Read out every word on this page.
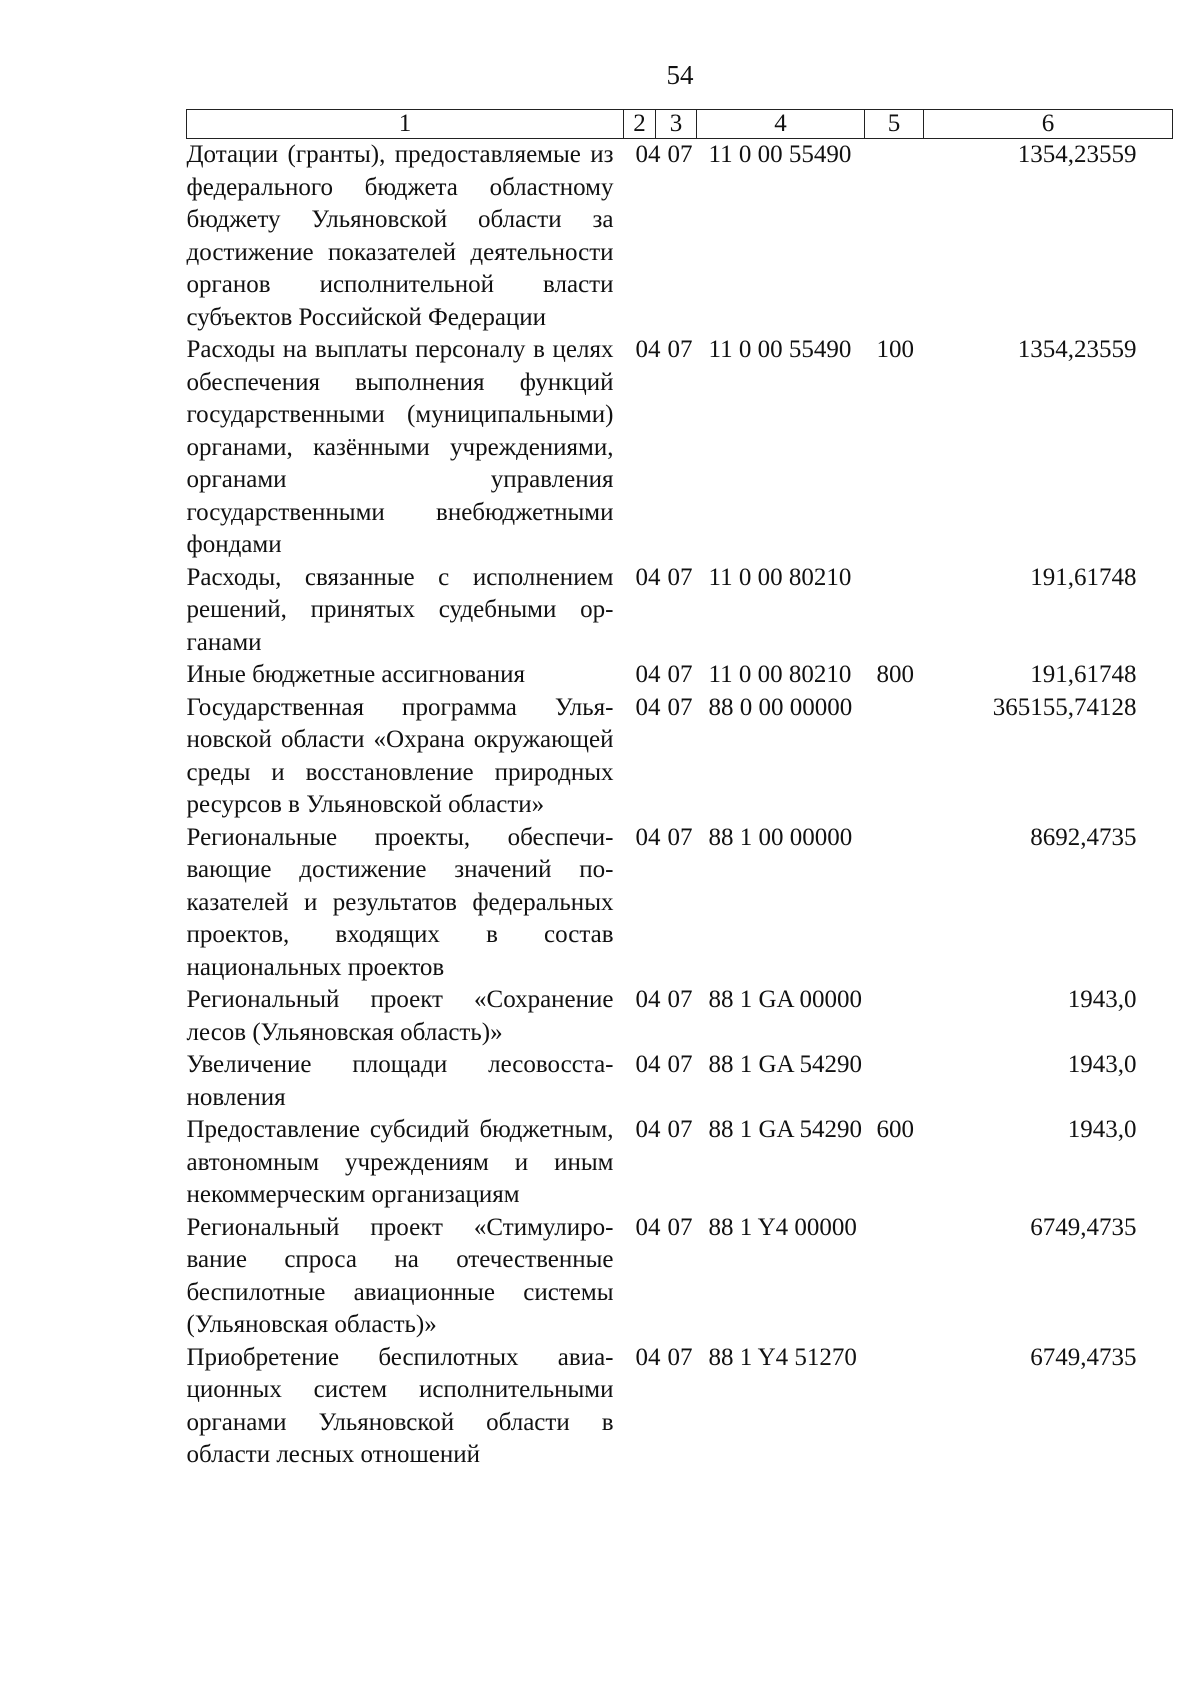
54
1	2	3	4	5	6
Дотации (гранты), предоставляемые из федерального бюджета областному бюджету Ульяновской области за достижение показателей деятельности органов исполнительной власти субъектов Российской Федерации	04	07	11 0 00 55490		1354,23559
Расходы на выплаты персоналу в целях обеспечения выполнения функций государственными (муниципальными) органами, казёнными учреждениями, органами управления государственными внебюджетными фондами	04	07	11 0 00 55490	100	1354,23559
Расходы, связанные с исполнением решений, принятых судебными органами	04	07	11 0 00 80210		191,61748
Иные бюджетные ассигнования	04	07	11 0 00 80210	800	191,61748
Государственная программа Ульяновской области «Охрана окружающей среды и восстановление природных ресурсов в Ульяновской области»	04	07	88 0 00 00000		365155,74128
Региональные проекты, обеспечивающие достижение значений показателей и результатов федеральных проектов, входящих в состав национальных проектов	04	07	88 1 00 00000		8692,4735
Региональный проект «Сохранение лесов (Ульяновская область)»	04	07	88 1 GA 00000		1943,0
Увеличение площади лесовосстановления	04	07	88 1 GA 54290		1943,0
Предоставление субсидий бюджетным, автономным учреждениям и иным некоммерческим организациям	04	07	88 1 GA 54290	600	1943,0
Региональный проект «Стимулирование спроса на отечественные беспилотные авиационные системы (Ульяновская область)»	04	07	88 1 Y4 00000		6749,4735
Приобретение беспилотных авиационных систем исполнительными органами Ульяновской области в области лесных отношений	04	07	88 1 Y4 51270		6749,4735
